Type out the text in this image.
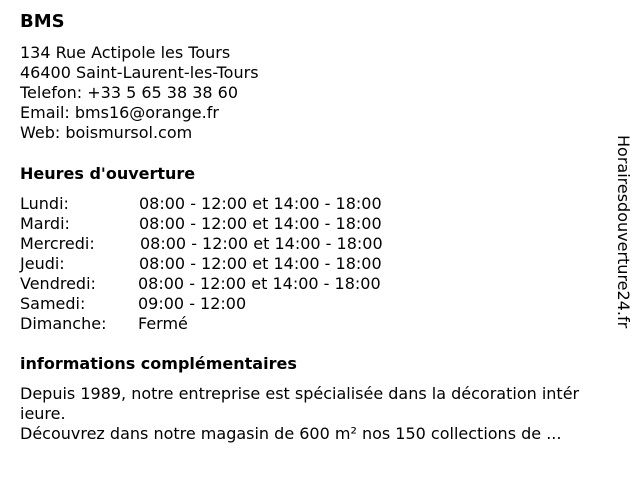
BMS
134 Rue Actipole les Tours
46400 Saint-Laurent-les-Tours
Telefon: +33 5 65 38 38 60
Email: bms16@orange.fr
Web: boismursol.com
Heures d'ouverture
Lundi:	08:00 - 12:00 et 14:00 - 18:00
Mardi:	08:00 - 12:00 et 14:00 - 18:00
Mercredi:	08:00 - 12:00 et 14:00 - 18:00
Jeudi:	08:00 - 12:00 et 14:00 - 18:00
Vendredi:	08:00 - 12:00 et 14:00 - 18:00
Samedi:	09:00 - 12:00
Dimanche: Fermé
informations complémentaires
Depuis 1989, notre entreprise est spécialisée dans la décoration intér
ieure.
Découvrez dans notre magasin de 600 m² nos 150 collections de ...
Horairesdouverture24.fr
